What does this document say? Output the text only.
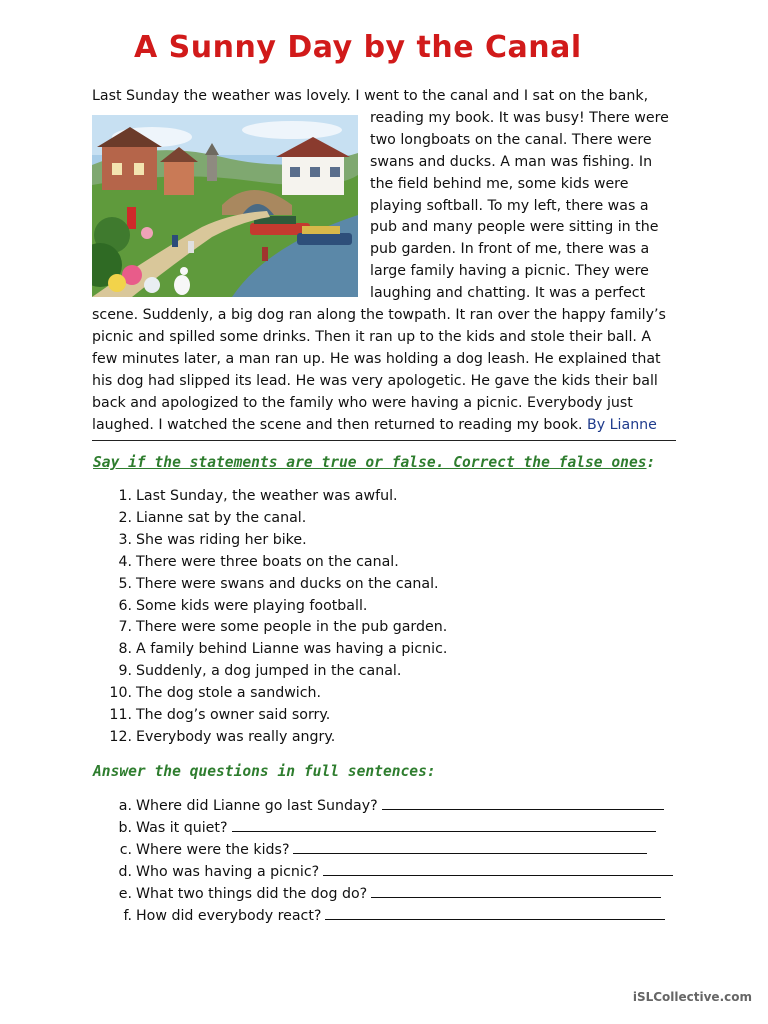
A Sunny Day by the Canal

Last Sunday the weather was lovely. I went to the canal and I sat on the bank,

reading my book. It was busy! There were two longboats on the canal. There were swans and ducks. A man was fishing. In the field behind me, some kids were playing softball. To my left, there was a pub and many people were sitting in the pub garden. In front of me, there was a large family having a picnic. They were laughing and chatting. It was a perfect scene. Suddenly, a big dog ran along the towpath. It ran over the happy family’s picnic and spilled some drinks. Then it ran up to the kids and stole their ball. A few minutes later, a man ran up. He was holding a dog leash. He explained that his dog had slipped its lead. He was very apologetic. He gave the kids their ball back and apologized to the family who were having a picnic. Everybody just laughed. I watched the scene and then returned to reading my book. By Lianne

Say if the statements are true or false. Correct the false ones:

1. Last Sunday, the weather was awful.
2. Lianne sat by the canal.
3. She was riding her bike.
4. There were three boats on the canal.
5. There were swans and ducks on the canal.
6. Some kids were playing football.
7. There were some people in the pub garden.
8. A family behind Lianne was having a picnic.
9. Suddenly, a dog jumped in the canal.
10. The dog stole a sandwich.
11. The dog’s owner said sorry.
12. Everybody was really angry.

Answer the questions in full sentences:

a. Where did Lianne go last Sunday?
b. Was it quiet?
c. Where were the kids?
d. Who was having a picnic?
e. What two things did the dog do?
f. How did everybody react?

iSLCollective.com
